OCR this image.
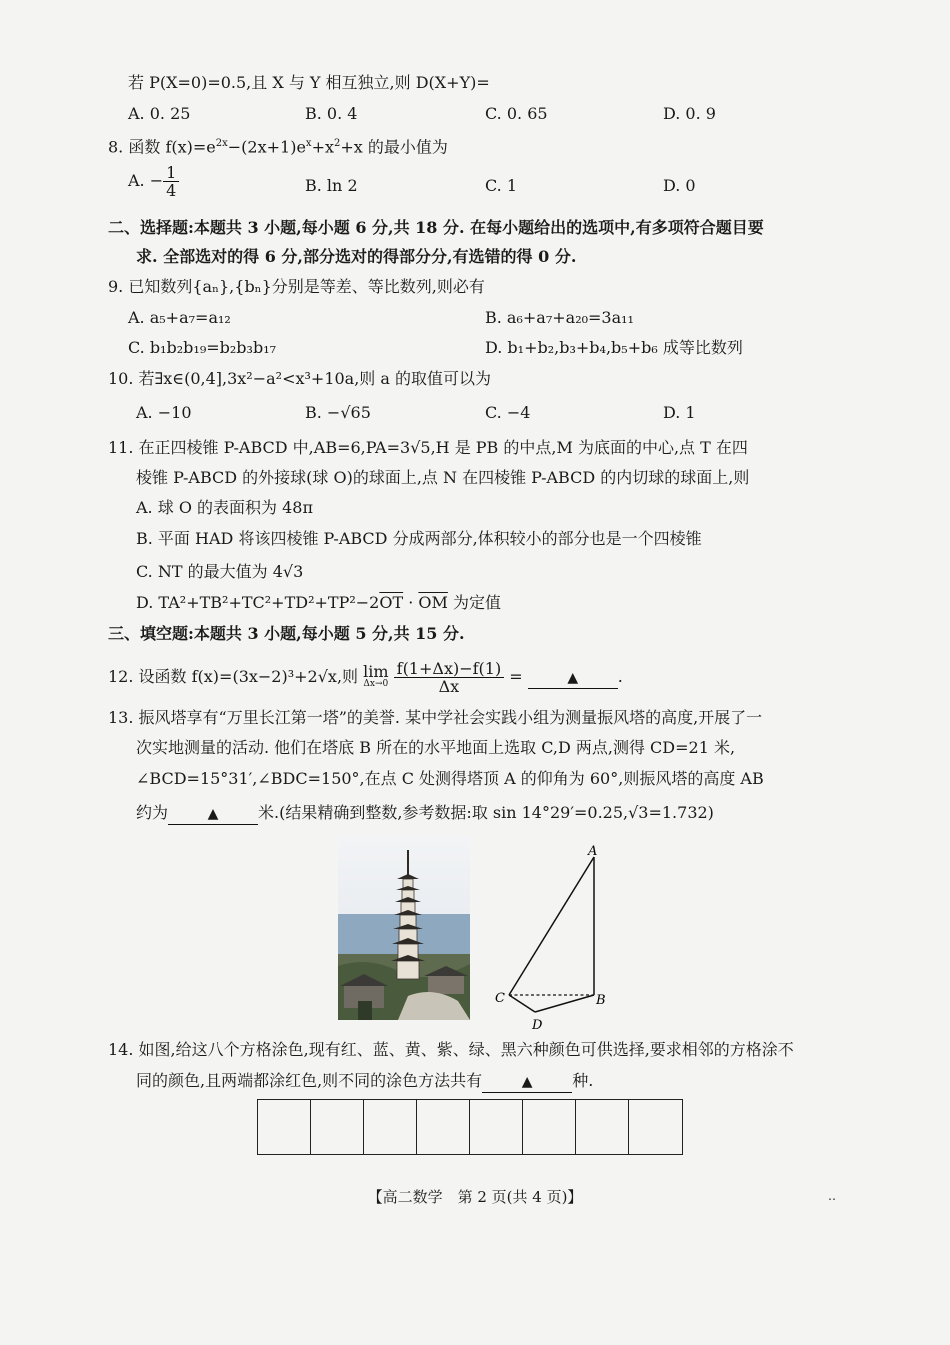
若 P(X=0)=0.5,且 X 与 Y 相互独立,则 D(X+Y)=
A. 0. 25	B. 0. 4	C. 0. 65	D. 0. 9
8. 函数 $f(x)=e^{2x}-(2x+1)e^x+x^2+x$ 的最小值为
A. − $\frac{1}{4}$	B. ln 2	C. 1	D. 0
二、选择题:本题共 3 小题,每小题 6 分,共 18 分. 在每小题给出的选项中,有多项符合题目要
求. 全部选对的得 6 分,部分选对的得部分分,有选错的得 0 分.
9. 已知数列{aₙ},{bₙ}分别是等差、等比数列,则必有
A. a₅+a₇=a₁₂	B. a₆+a₇+a₂₀=3a₁₁
C. b₁b₂b₁₉=b₂b₃b₁₇	D. b₁+b₂,b₃+b₄,b₅+b₆ 成等比数列
10. 若∃x∈(0,4],3x²−a²<x³+10a,则 a 的取值可以为
A. −10	B. −√65	C. −4	D. 1
11. 在正四棱锥 P-ABCD 中,AB=6,PA=3√5,H 是 PB 的中点,M 为底面的中心,点 T 在四
棱锥 P-ABCD 的外接球(球 O)的球面上,点 N 在四棱锥 P-ABCD 的内切球的球面上,则
A. 球 O 的表面积为 48π
B. 平面 HAD 将该四棱锥 P-ABCD 分成两部分,体积较小的部分也是一个四棱锥
C. NT 的最大值为 4√3
D. $TA^2+TB^2+TC^2+TD^2+TP^2-2\overline{OT} \cdot \overline{OM}$ 为定值
三、填空题:本题共 3 小题,每小题 5 分,共 15 分.
12. 设函数 f(x)=(3x−2)³+2√x,则 lim
Δx→0
$\frac{f(1+\Delta x)-f(1)}{\Delta x}$ =	▲ .
13. 振风塔享有“万里长江第一塔”的美誉. 某中学社会实践小组为测量振风塔的高度,开展了一
次实地测量的活动. 他们在塔底 B 所在的水平地面上选取 C,D 两点,测得 CD=21 米,
∠BCD=15°31′,∠BDC=150°,在点 C 处测得塔顶 A 的仰角为 60°,则振风塔的高度 AB
约为	▲ 米.(结果精确到整数,参考数据:取 sin 14°29′=0.25,√3=1.732)
A
B
C
D
14. 如图,给这八个方格涂色,现有红、蓝、黄、紫、绿、黑六种颜色可供选择,要求相邻的方格涂不
同的颜色,且两端都涂红色,则不同的涂色方法共有	▲ 种.
【高二数学　第 2 页(共 4 页)】	‥
